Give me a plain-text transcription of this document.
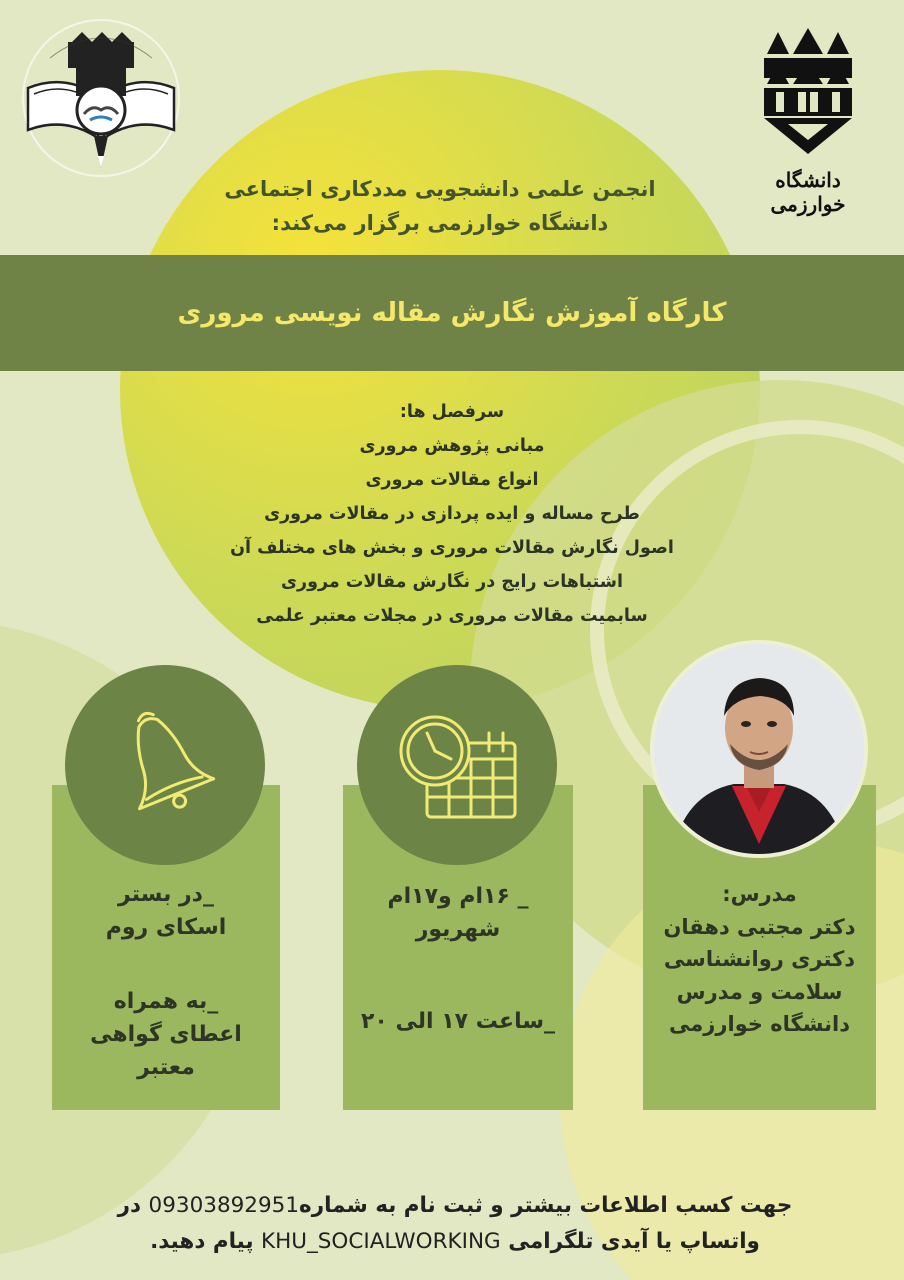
دانشگاه خوارزمی
انجمن علمی دانشجویی مددکاری اجتماعی
دانشگاه خوارزمی برگزار می‌کند:
کارگاه آموزش نگارش مقاله نویسی مروری
سرفصل ها:
مبانی پژوهش مروری
انواع مقالات مروری
طرح مساله و ایده پردازی در مقالات مروری
اصول نگارش مقالات مروری و بخش های مختلف آن
اشتباهات رایج در نگارش مقالات مروری
سابمیت مقالات مروری در مجلات معتبر علمی
_در بستر
اسکای روم
_به همراه
اعطای گواهی
معتبر
_ ۱۶ام و۱۷ام
شهریور
_ساعت ۱۷ الی ۲۰
مدرس:
دکتر مجتبی دهقان
دکتری روانشناسی
سلامت و مدرس
دانشگاه خوارزمی
جهت کسب اطلاعات بیشتر و ثبت نام به شماره09303892951 در
واتساپ یا آیدی تلگرامی KHU_SOCIALWORKING پیام دهید.
